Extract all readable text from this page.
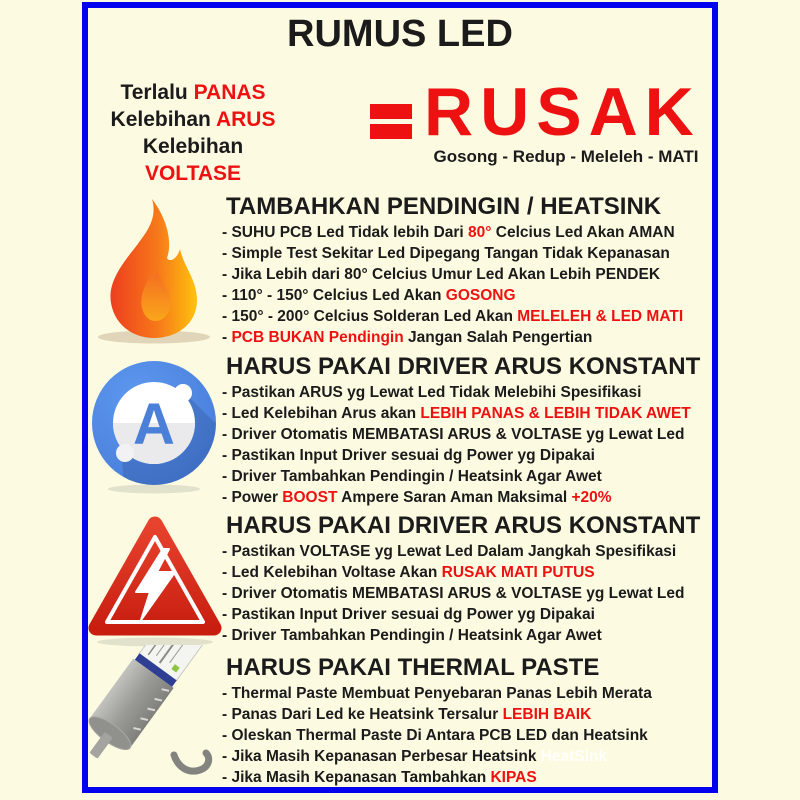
RUMUS LED
Terlalu PANAS
Kelebihan ARUS
Kelebihan VOLTASE
RUSAK
Gosong - Redup - Meleleh - MATI
TAMBAHKAN PENDINGIN / HEATSINK
- SUHU PCB Led Tidak lebih Dari 80° Celcius Led Akan AMAN
- Simple Test Sekitar Led Dipegang Tangan Tidak Kepanasan
- Jika Lebih dari 80° Celcius Umur Led Akan Lebih PENDEK
- 110° - 150° Celcius Led Akan GOSONG
- 150° - 200° Celcius Solderan Led Akan MELELEH & LED MATI
- PCB BUKAN Pendingin Jangan Salah Pengertian
A
HARUS PAKAI DRIVER ARUS KONSTANT
- Pastikan ARUS yg Lewat Led Tidak Melebihi Spesifikasi
- Led Kelebihan Arus akan LEBIH PANAS & LEBIH TIDAK AWET
- Driver Otomatis MEMBATASI ARUS & VOLTASE yg Lewat Led
- Pastikan Input Driver sesuai dg Power yg Dipakai
- Driver Tambahkan Pendingin / Heatsink Agar Awet
- Power BOOST Ampere Saran Aman Maksimal +20%
HARUS PAKAI DRIVER ARUS KONSTANT
- Pastikan VOLTASE yg Lewat Led Dalam Jangkah Spesifikasi
- Led Kelebihan Voltase Akan RUSAK MATI PUTUS
- Driver Otomatis MEMBATASI ARUS & VOLTASE yg Lewat Led
- Pastikan Input Driver sesuai dg Power yg Dipakai
- Driver Tambahkan Pendingin / Heatsink Agar Awet
HARUS PAKAI THERMAL PASTE
- Thermal Paste Membuat Penyebaran Panas Lebih Merata
- Panas Dari Led ke Heatsink Tersalur LEBIH BAIK
- Oleskan Thermal Paste Di Antara PCB LED dan Heatsink
- Jika Masih Kepanasan Perbesar Heatsink HeatSink
- Jika Masih Kepanasan Tambahkan KIPAS
